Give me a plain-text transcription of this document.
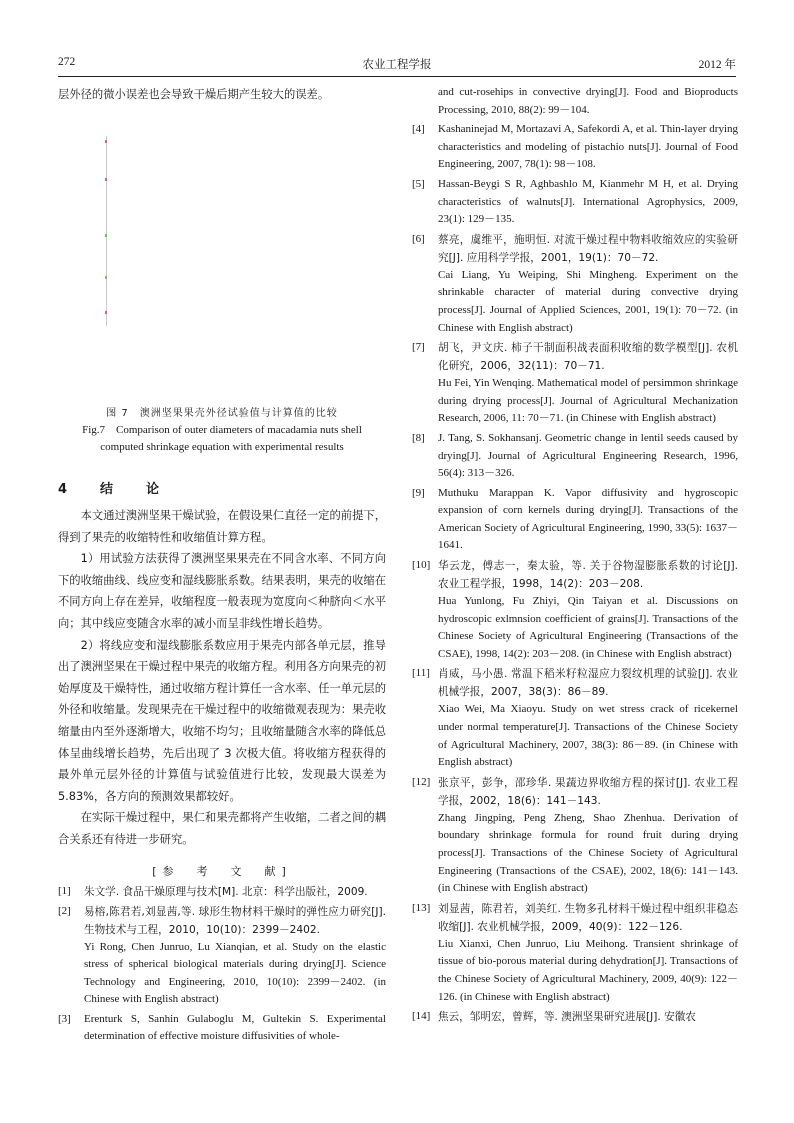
272	农业工程学报	2012 年
层外径的微小误差也会导致干燥后期产生较大的误差。
图 7　澳洲坚果果壳外径试验值与计算值的比较
Fig.7　Comparison of outer diameters of macadamia nuts shell
computed shrinkage equation with experimental results
4　结　论

本文通过澳洲坚果干燥试验，在假设果仁直径一定的前提下，得到了果壳的收缩特性和收缩值计算方程。

1）用试验方法获得了澳洲坚果果壳在不同含水率、不同方向下的收缩曲线、线应变和湿线膨胀系数。结果表明，果壳的收缩在不同方向上存在差异，收缩程度一般表现为宽度向＜种脐向＜水平向；其中线应变随含水率的减小而呈非线性增长趋势。

2）将线应变和湿线膨胀系数应用于果壳内部各单元层，推导出了澳洲坚果在干燥过程中果壳的收缩方程。利用各方向果壳的初始厚度及干燥特性，通过收缩方程计算任一含水率、任一单元层的外径和收缩量。发现果壳在干燥过程中的收缩微观表现为：果壳收缩量由内至外逐渐增大，收缩不均匀；且收缩量随含水率的降低总体呈曲线增长趋势，先后出现了 3 次极大值。将收缩方程获得的最外单元层外径的计算值与试验值进行比较，发现最大误差为 5.83%，各方向的预测效果都较好。

在实际干燥过程中，果仁和果壳都将产生收缩，二者之间的耦合关系还有待进一步研究。

[参　考　文　献]
[1] 朱文学. 食品干燥原理与技术[M]. 北京：科学出版社，2009.

[2] 易榕,陈君若,刘显茜,等. 球形生物材料干燥时的弹性应力研究[J]. 生物技术与工程，2010，10(10)：2399－2402.

Yi Rong, Chen Junruo, Lu Xianqian, et al. Study on the elastic stress of spherical biological materials during drying[J]. Science Technology and Engineering, 2010, 10(10): 2399－2402. (in Chinese with English abstract)

[3] Erenturk S, Sanhin Gulaboglu M, Gultekin S. Experimental determination of effective moisture diffusivities of whole-

and cut-rosehips in convective drying[J]. Food and Bioproducts Processing, 2010, 88(2): 99－104.

[4] Kashaninejad M, Mortazavi A, Safekordi A, et al. Thin-layer drying characteristics and modeling of pistachio nuts[J]. Journal of Food Engineering, 2007, 78(1): 98－108.

[5] Hassan-Beygi S R, Aghbashlo M, Kianmehr M H, et al. Drying characteristics of walnuts[J]. International Agrophysics, 2009, 23(1): 129－135.

[6] 蔡亮，虞维平，施明恒. 对流干燥过程中物料收缩效应的实验研究[J]. 应用科学学报，2001，19(1)：70－72.

Cai Liang, Yu Weiping, Shi Mingheng. Experiment on the shrinkable character of material during convective drying process[J]. Journal of Applied Sciences, 2001, 19(1): 70－72. (in Chinese with English abstract)

[7] 胡飞，尹文庆. 柿子干制面积战表面积收缩的数学模型[J]. 农机化研究，2006，32(11)：70－71.

Hu Fei, Yin Wenqing. Mathematical model of persimmon shrinkage during drying process[J]. Journal of Agricultural Mechanization Research, 2006, 11: 70－71. (in Chinese with English abstract)

[8] J. Tang, S. Sokhansanj. Geometric change in lentil seeds caused by drying[J]. Journal of Agricultural Engineering Research, 1996, 56(4): 313－326.

[9] Muthuku Marappan K. Vapor diffusivity and hygroscopic expansion of corn kernels during drying[J]. Transactions of the American Society of Agricultural Engineering, 1990, 33(5): 1637－1641.

[10] 华云龙，傅志一，秦太验，等. 关于谷物湿膨胀系数的讨论[J]. 农业工程学报，1998，14(2)：203－208.

Hua Yunlong, Fu Zhiyi, Qin Taiyan et al. Discussions on hydroscopic exlmnsion coefficient of grains[J]. Transactions of the Chinese Society of Agricultural Engineering (Transactions of the CSAE), 1998, 14(2): 203－208. (in Chinese with English abstract)

[11] 肖威，马小愚. 常温下稻米籽粒湿应力裂纹机理的试验[J]. 农业机械学报，2007，38(3)：86－89.

Xiao Wei, Ma Xiaoyu. Study on wet stress crack of ricekernel under normal temperature[J]. Transactions of the Chinese Society of Agricultural Machinery, 2007, 38(3): 86－89. (in Chinese with English abstract)

[12] 张京平，彭争，邵珍华. 果蔬边界收缩方程的探讨[J]. 农业工程学报，2002，18(6)：141－143.

Zhang Jingping, Peng Zheng, Shao Zhenhua. Derivation of boundary shrinkage formula for round fruit during drying process[J]. Transactions of the Chinese Society of Agricultural Engineering (Transactions of the CSAE), 2002, 18(6): 141－143. (in Chinese with English abstract)

[13] 刘显茜，陈君若，刘美红. 生物多孔材料干燥过程中组织非稳态收缩[J]. 农业机械学报，2009，40(9)：122－126.

Liu Xianxi, Chen Junruo, Liu Meihong. Transient shrinkage of tissue of bio-porous material during dehydration[J]. Transactions of the Chinese Society of Agricultural Machinery, 2009, 40(9): 122－126. (in Chinese with English abstract)

[14] 焦云，邹明宏，曾辉，等. 澳洲坚果研究进展[J]. 安徽农
